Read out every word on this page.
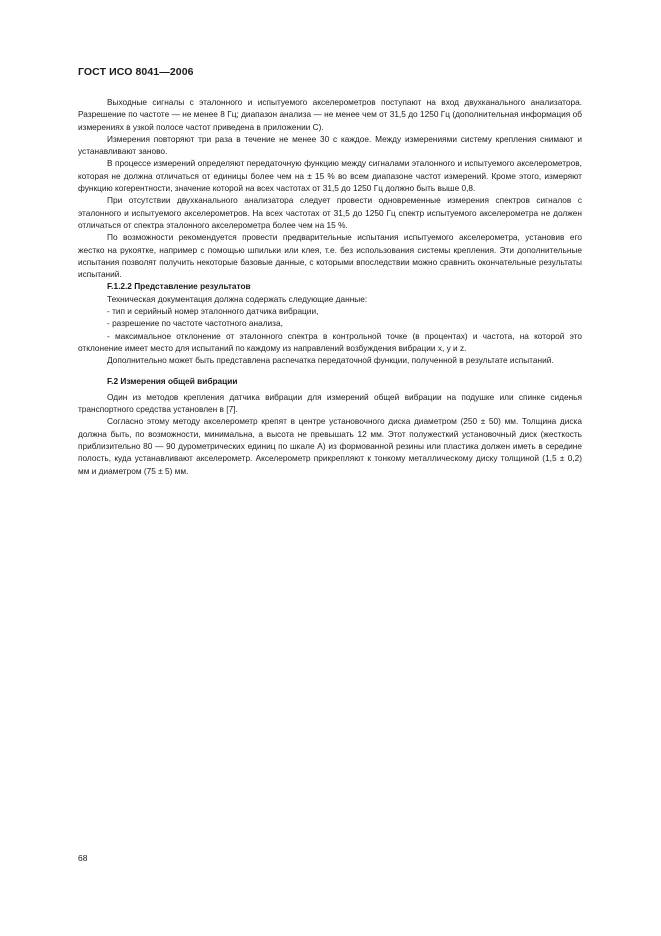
ГОСТ ИСО 8041—2006

Выходные сигналы с эталонного и испытуемого акселерометров поступают на вход двухканального анализатора. Разрешение по частоте — не менее 8 Гц; диапазон анализа — не менее чем от 31,5 до 1250 Гц (дополнительная информация об измерениях в узкой полосе частот приведена в приложении С).

Измерения повторяют три раза в течение не менее 30 с каждое. Между измерениями систему крепления снимают и устанавливают заново.

В процессе измерений определяют передаточную функцию между сигналами эталонного и испытуемого акселерометров, которая не должна отличаться от единицы более чем на ± 15 % во всем диапазоне частот измерений. Кроме этого, измеряют функцию когерентности, значение которой на всех частотах от 31,5 до 1250 Гц должно быть выше 0,8.

При отсутствии двухканального анализатора следует провести одновременные измерения спектров сигналов с эталонного и испытуемого акселерометров. На всех частотах от 31,5 до 1250 Гц спектр испытуемого акселерометра не должен отличаться от спектра эталонного акселерометра более чем на 15 %.

По возможности рекомендуется провести предварительные испытания испытуемого акселерометра, установив его жестко на рукоятке, например с помощью шпильки или клея, т.е. без использования системы крепления. Эти дополнительные испытания позволят получить некоторые базовые данные, с которыми впоследствии можно сравнить окончательные результаты испытаний.

F.1.2.2 Представление результатов

Техническая документация должна содержать следующие данные:

- тип и серийный номер эталонного датчика вибрации,

- разрешение по частоте частотного анализа,

- максимальное отклонение от эталонного спектра в контрольной точке (в процентах) и частота, на которой это отклонение имеет место для испытаний по каждому из направлений возбуждения вибрации x, y и z.

Дополнительно может быть представлена распечатка передаточной функции, полученной в результате испытаний.

F.2 Измерения общей вибрации

Один из методов крепления датчика вибрации для измерений общей вибрации на подушке или спинке сиденья транспортного средства установлен в [7].

Согласно этому методу акселерометр крепят в центре установочного диска диаметром (250 ± 50) мм. Толщина диска должна быть, по возможности, минимальна, а высота не превышать 12 мм. Этот полужесткий установочный диск (жесткость приблизительно 80 — 90 дурометрических единиц по шкале А) из формованной резины или пластика должен иметь в середине полость, куда устанавливают акселерометр. Акселерометр прикрепляют к тонкому металлическому диску толщиной (1,5 ± 0,2) мм и диаметром (75 ± 5) мм.

68
